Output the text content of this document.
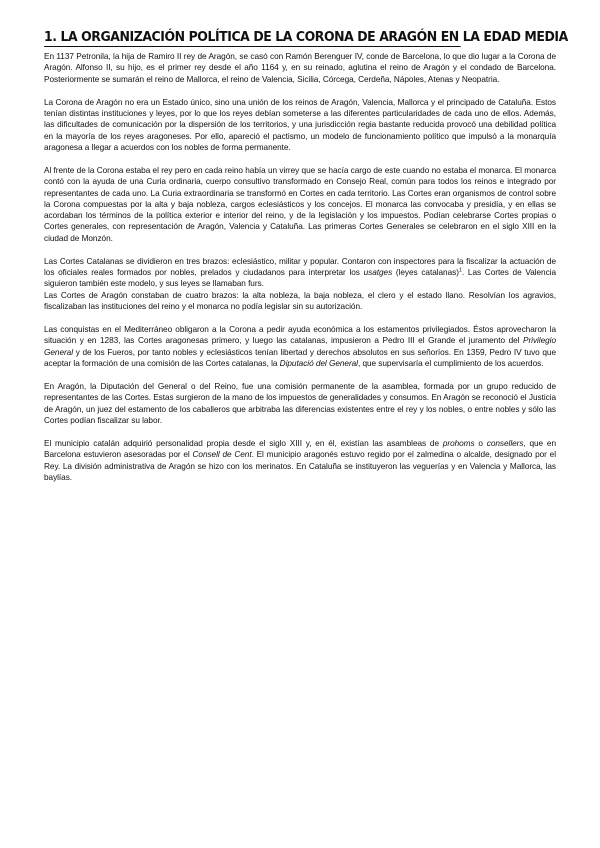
1. LA ORGANIZACIÓN POLÍTICA DE LA CORONA DE ARAGÓN EN LA EDAD MEDIA

En 1137 Petronila, la hija de Ramiro II rey de Aragón, se casó con Ramón Berenguer IV, conde de Barcelona, lo que dio lugar a la Corona de Aragón. Alfonso II, su hijo, es el primer rey desde el año 1164 y, en su reinado, aglutina el reino de Aragón y el condado de Barcelona. Posteriormente se sumarán el reino de Mallorca, el reino de Valencia, Sicilia, Córcega, Cerdeña, Nápoles, Atenas y Neopatria.

La Corona de Aragón no era un Estado único, sino una unión de los reinos de Aragón, Valencia, Mallorca y el principado de Cataluña. Estos tenían distintas instituciones y leyes, por lo que los reyes debían someterse a las diferentes particularidades de cada uno de ellos. Además, las dificultades de comunicación por la dispersión de los territorios, y una jurisdicción regia bastante reducida provocó una debilidad política en la mayoría de los reyes aragoneses. Por ello, apareció el pactismo, un modelo de funcionamiento político que impulsó a la monarquía aragonesa a llegar a acuerdos con los nobles de forma permanente.

Al frente de la Corona estaba el rey pero en cada reino había un virrey que se hacía cargo de este cuando no estaba el monarca. El monarca contó con la ayuda de una Curia ordinaria, cuerpo consultivo transformado en Consejo Real, común para todos los reinos e integrado por representantes de cada uno. La Curia extraordinaria se transformó en Cortes en cada territorio. Las Cortes eran organismos de control sobre la Corona compuestas por la alta y baja nobleza, cargos eclesiásticos y los concejos. El monarca las convocaba y presidía, y en ellas se acordaban los términos de la política exterior e interior del reino, y de la legislación y los impuestos. Podían celebrarse Cortes propias o Cortes generales, con representación de Aragón, Valencia y Cataluña. Las primeras Cortes Generales se celebraron en el siglo XIII en la ciudad de Monzón.

Las Cortes Catalanas se dividieron en tres brazos: eclesiástico, militar y popular. Contaron con inspectores para la fiscalizar la actuación de los oficiales reales formados por nobles, prelados y ciudadanos para interpretar los usatges (leyes catalanas)$^1$. Las Cortes de Valencia siguieron también este modelo, y sus leyes se llamaban furs.

Las Cortes de Aragón constaban de cuatro brazos: la alta nobleza, la baja nobleza, el clero y el estado llano. Resolvían los agravios, fiscalizaban las instituciones del reino y el monarca no podía legislar sin su autorización.

Las conquistas en el Mediterráneo obligaron a la Corona a pedir ayuda económica a los estamentos privilegiados. Éstos aprovecharon la situación y en 1283, las Cortes aragonesas primero, y luego las catalanas, impusieron a Pedro III el Grande el juramento del Privilegio General y de los Fueros, por tanto nobles y eclesiásticos tenían libertad y derechos absolutos en sus señoríos. En 1359, Pedro IV tuvo que aceptar la formación de una comisión de las Cortes catalanas, la Diputació del General, que supervisaría el cumplimiento de los acuerdos.

En Aragón, la Diputación del General o del Reino, fue una comisión permanente de la asamblea, formada por un grupo reducido de representantes de las Cortes. Estas surgieron de la mano de los impuestos de generalidades y consumos. En Aragón se reconoció el Justicia de Aragón, un juez del estamento de los caballeros que arbitraba las diferencias existentes entre el rey y los nobles, o entre nobles y sólo las Cortes podían fiscalizar su labor.

El municipio catalán adquirió personalidad propia desde el siglo XIII y, en él, existían las asambleas de prohoms o consellers, que en Barcelona estuvieron asesoradas por el Consell de Cent. El municipio aragonés estuvo regido por el zalmedina o alcalde, designado por el Rey. La división administrativa de Aragón se hizo con los merinatos. En Cataluña se instituyeron las veguerías y en Valencia y Mallorca, las baylías.
